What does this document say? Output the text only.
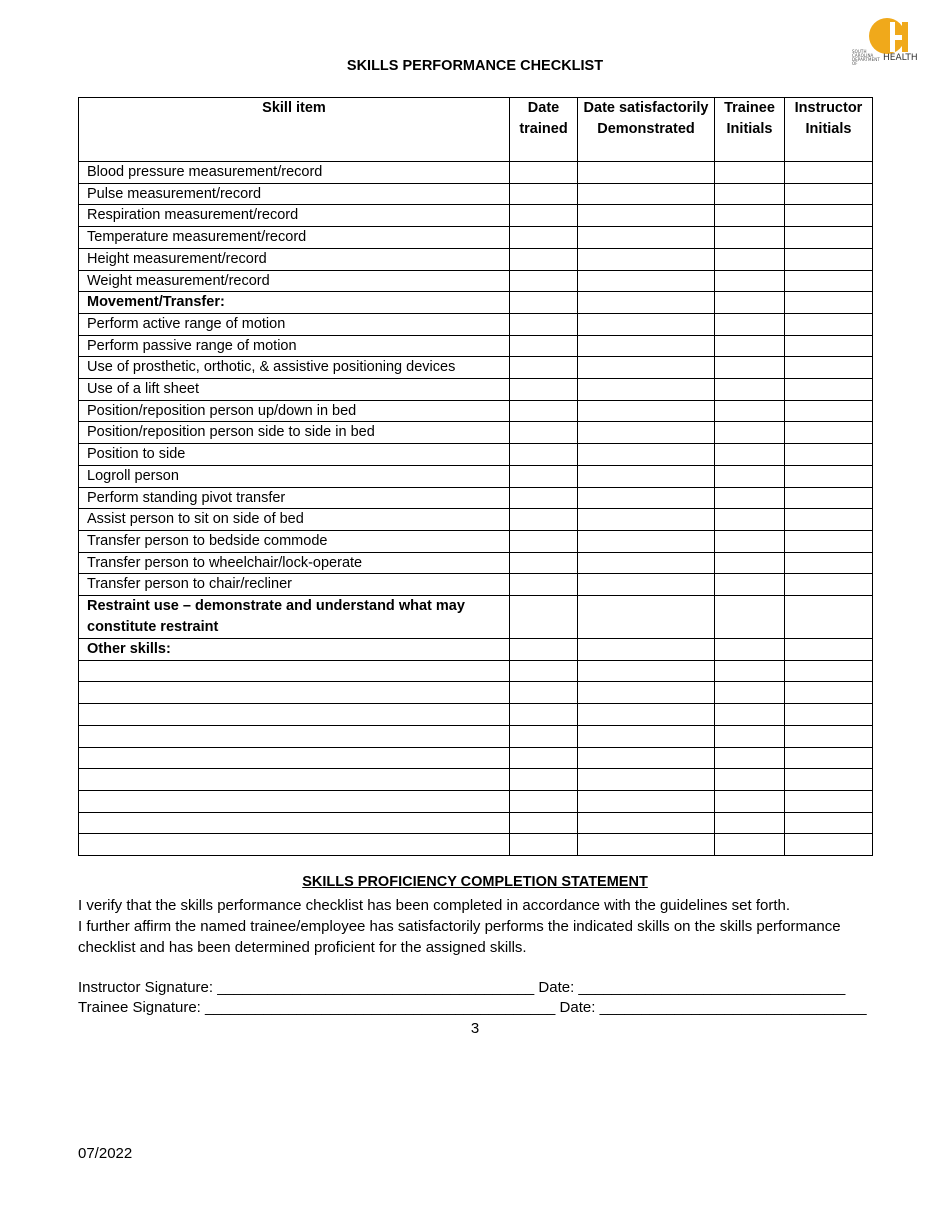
SOUTH CAROLINA DEPARTMENT OF
HEALTH
SKILLS PERFORMANCE CHECKLIST
Skill item	Date trained	Date satisfactorily Demonstrated	Trainee Initials	Instructor Initials
Blood pressure measurement/record				
Pulse measurement/record				
Respiration measurement/record				
Temperature measurement/record				
Height measurement/record				
Weight measurement/record				
Movement/Transfer:				
Perform active range of motion				
Perform passive range of motion				
Use of prosthetic, orthotic, & assistive positioning devices				
Use of a lift sheet				
Position/reposition person up/down in bed				
Position/reposition person side to side in bed				
Position to side				
Logroll person				
Perform standing pivot transfer				
Assist person to sit on side of bed				
Transfer person to bedside commode				
Transfer person to wheelchair/lock-operate				
Transfer person to chair/recliner				
Restraint use – demonstrate and understand what may constitute restraint				
Other skills:				

SKILLS PROFICIENCY COMPLETION STATEMENT

I verify that the skills performance checklist has been completed in accordance with the guidelines set forth.

I further affirm the named trainee/employee has satisfactorily performs the indicated skills on the skills performance checklist and has been determined proficient for the assigned skills.

Instructor Signature: ______________________________________ Date: ________________________________
Trainee Signature: __________________________________________ Date: ________________________________
3
07/2022
